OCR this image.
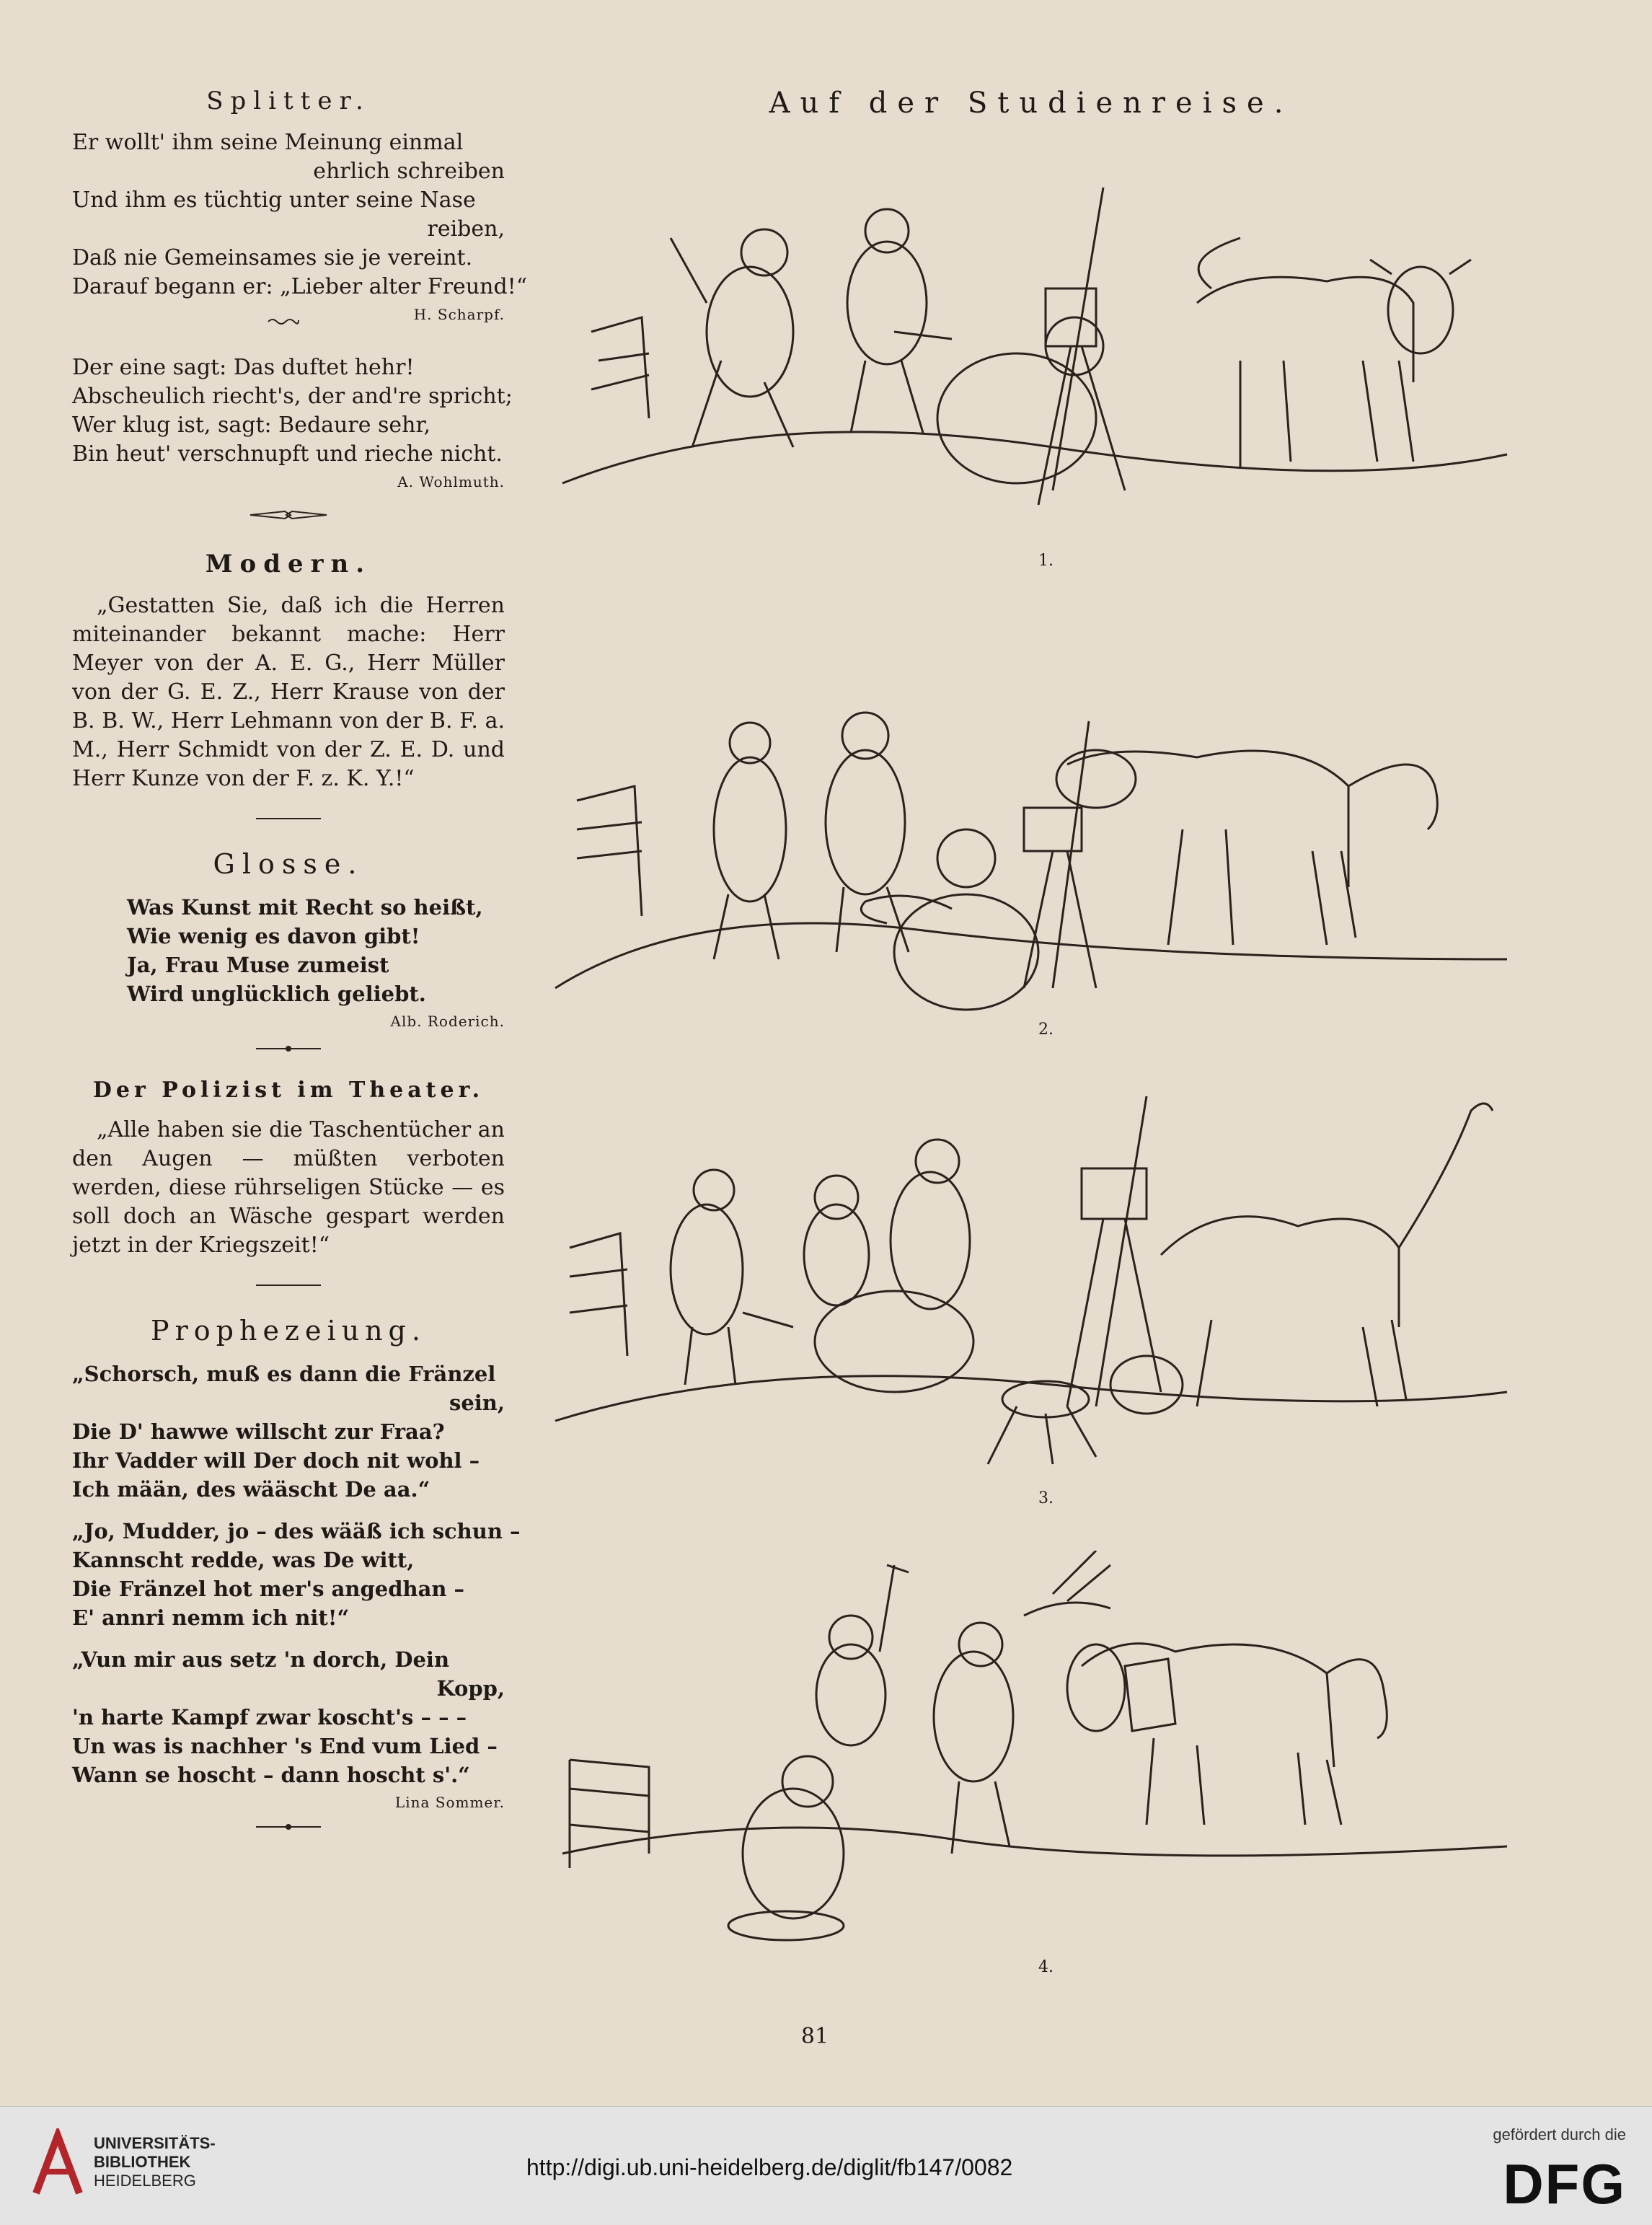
Splitter.
Er wollt' ihm seine Meinung einmal
ehrlich schreiben
Und ihm es tüchtig unter seine Nase
reiben,
Daß nie Gemeinsames sie je vereint.
Darauf begann er: „Lieber alter Freund!“
H. Scharpf.
Der eine sagt: Das duftet hehr!
Abscheulich riecht's, der and're spricht;
Wer klug ist, sagt: Bedaure sehr,
Bin heut' verschnupft und rieche nicht.
A. Wohlmuth.
Modern.
„Gestatten Sie, daß ich die Herren miteinander bekannt mache: Herr Meyer von der A. E. G., Herr Müller von der G. E. Z., Herr Krause von der B. B. W., Herr Lehmann von der B. F. a. M., Herr Schmidt von der Z. E. D. und Herr Kunze von der F. z. K. Y.!“
Glosse.
Was Kunst mit Recht so heißt,
Wie wenig es davon gibt!
Ja, Frau Muse zumeist
Wird unglücklich geliebt.
Alb. Roderich.
Der Polizist im Theater.
„Alle haben sie die Taschentücher an den Augen — müßten verboten werden, diese rührseligen Stücke — es soll doch an Wäsche gespart werden jetzt in der Kriegszeit!“
Prophezeiung.
„Schorsch, muß es dann die Fränzel
sein,
Die D' hawwe willscht zur Fraa?
Ihr Vadder will Der doch nit wohl –
Ich mään, des wääscht De aa.“
„Jo, Mudder, jo – des wääß ich schun –
Kannscht redde, was De witt,
Die Fränzel hot mer's angedhan –
E' annri nemm ich nit!“
„Vun mir aus setz 'n dorch, Dein
Kopp,
'n harte Kampf zwar koscht's – – –
Un was is nachher 's End vum Lied –
Wann se hoscht – dann hoscht s'.“
Lina Sommer.
Auf der Studienreise.
1.
2.
3.
4.
81
UNIVERSITÄTS-
BIBLIOTHEK
HEIDELBERG
http://digi.ub.uni-heidelberg.de/diglit/fb147/0082
gefördert durch die
DFG
